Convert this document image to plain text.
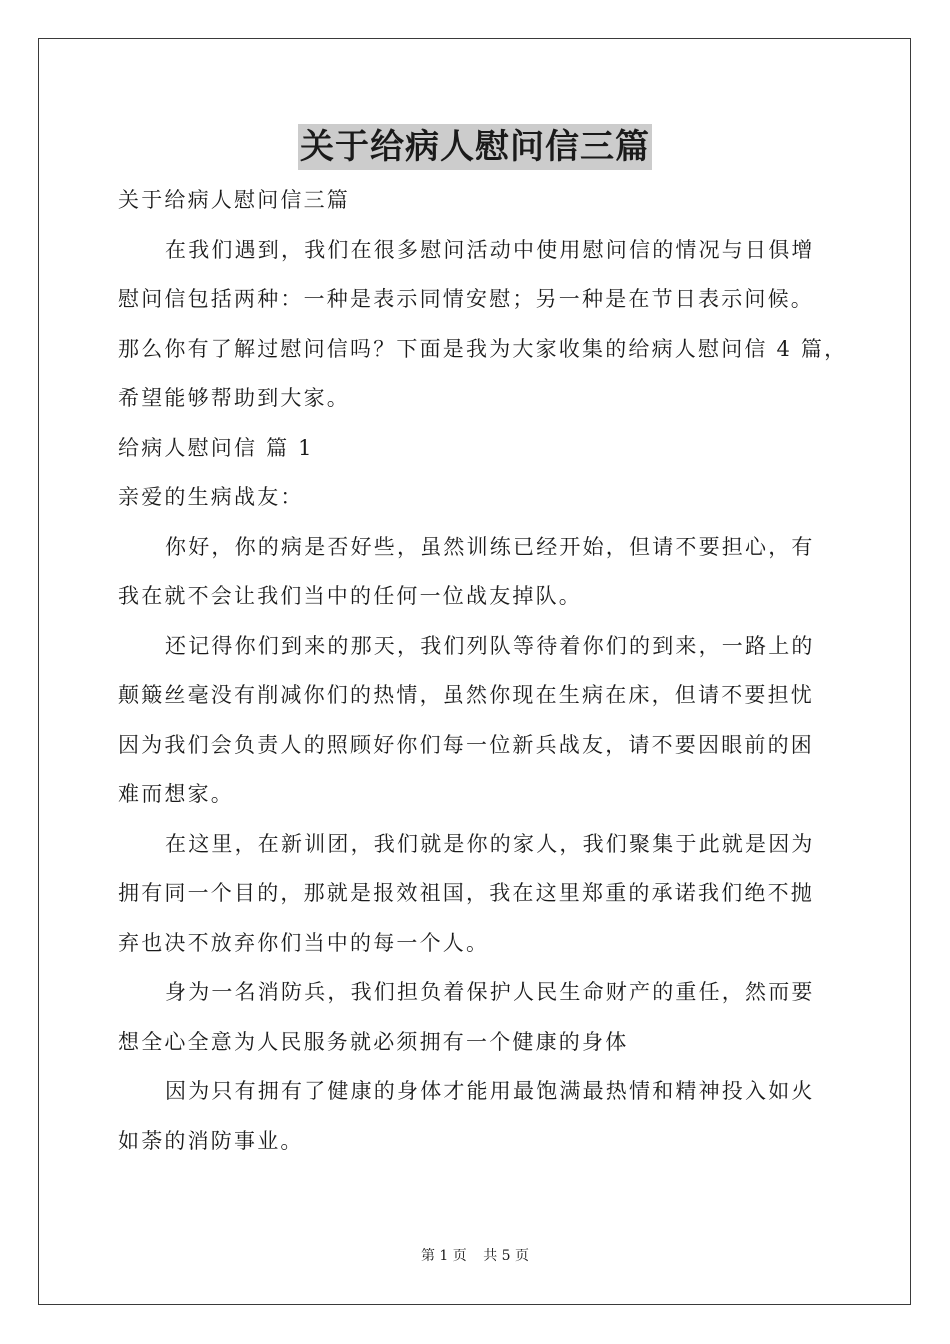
关于给病人慰问信三篇

关于给病人慰问信三篇

在我们遇到，我们在很多慰问活动中使用慰问信的情况与日俱增

慰问信包括两种：一种是表示同情安慰；另一种是在节日表示问候。

那么你有了解过慰问信吗？下面是我为大家收集的给病人慰问信 4 篇，

希望能够帮助到大家。

给病人慰问信 篇 1

亲爱的生病战友：

你好，你的病是否好些，虽然训练已经开始，但请不要担心，有

我在就不会让我们当中的任何一位战友掉队。

还记得你们到来的那天，我们列队等待着你们的到来，一路上的

颠簸丝毫没有削减你们的热情，虽然你现在生病在床，但请不要担忧

因为我们会负责人的照顾好你们每一位新兵战友，请不要因眼前的困

难而想家。

在这里，在新训团，我们就是你的家人，我们聚集于此就是因为

拥有同一个目的，那就是报效祖国，我在这里郑重的承诺我们绝不抛

弃也决不放弃你们当中的每一个人。

身为一名消防兵，我们担负着保护人民生命财产的重任，然而要

想全心全意为人民服务就必须拥有一个健康的身体

因为只有拥有了健康的身体才能用最饱满最热情和精神投入如火

如荼的消防事业。

第 1 页 共 5 页
